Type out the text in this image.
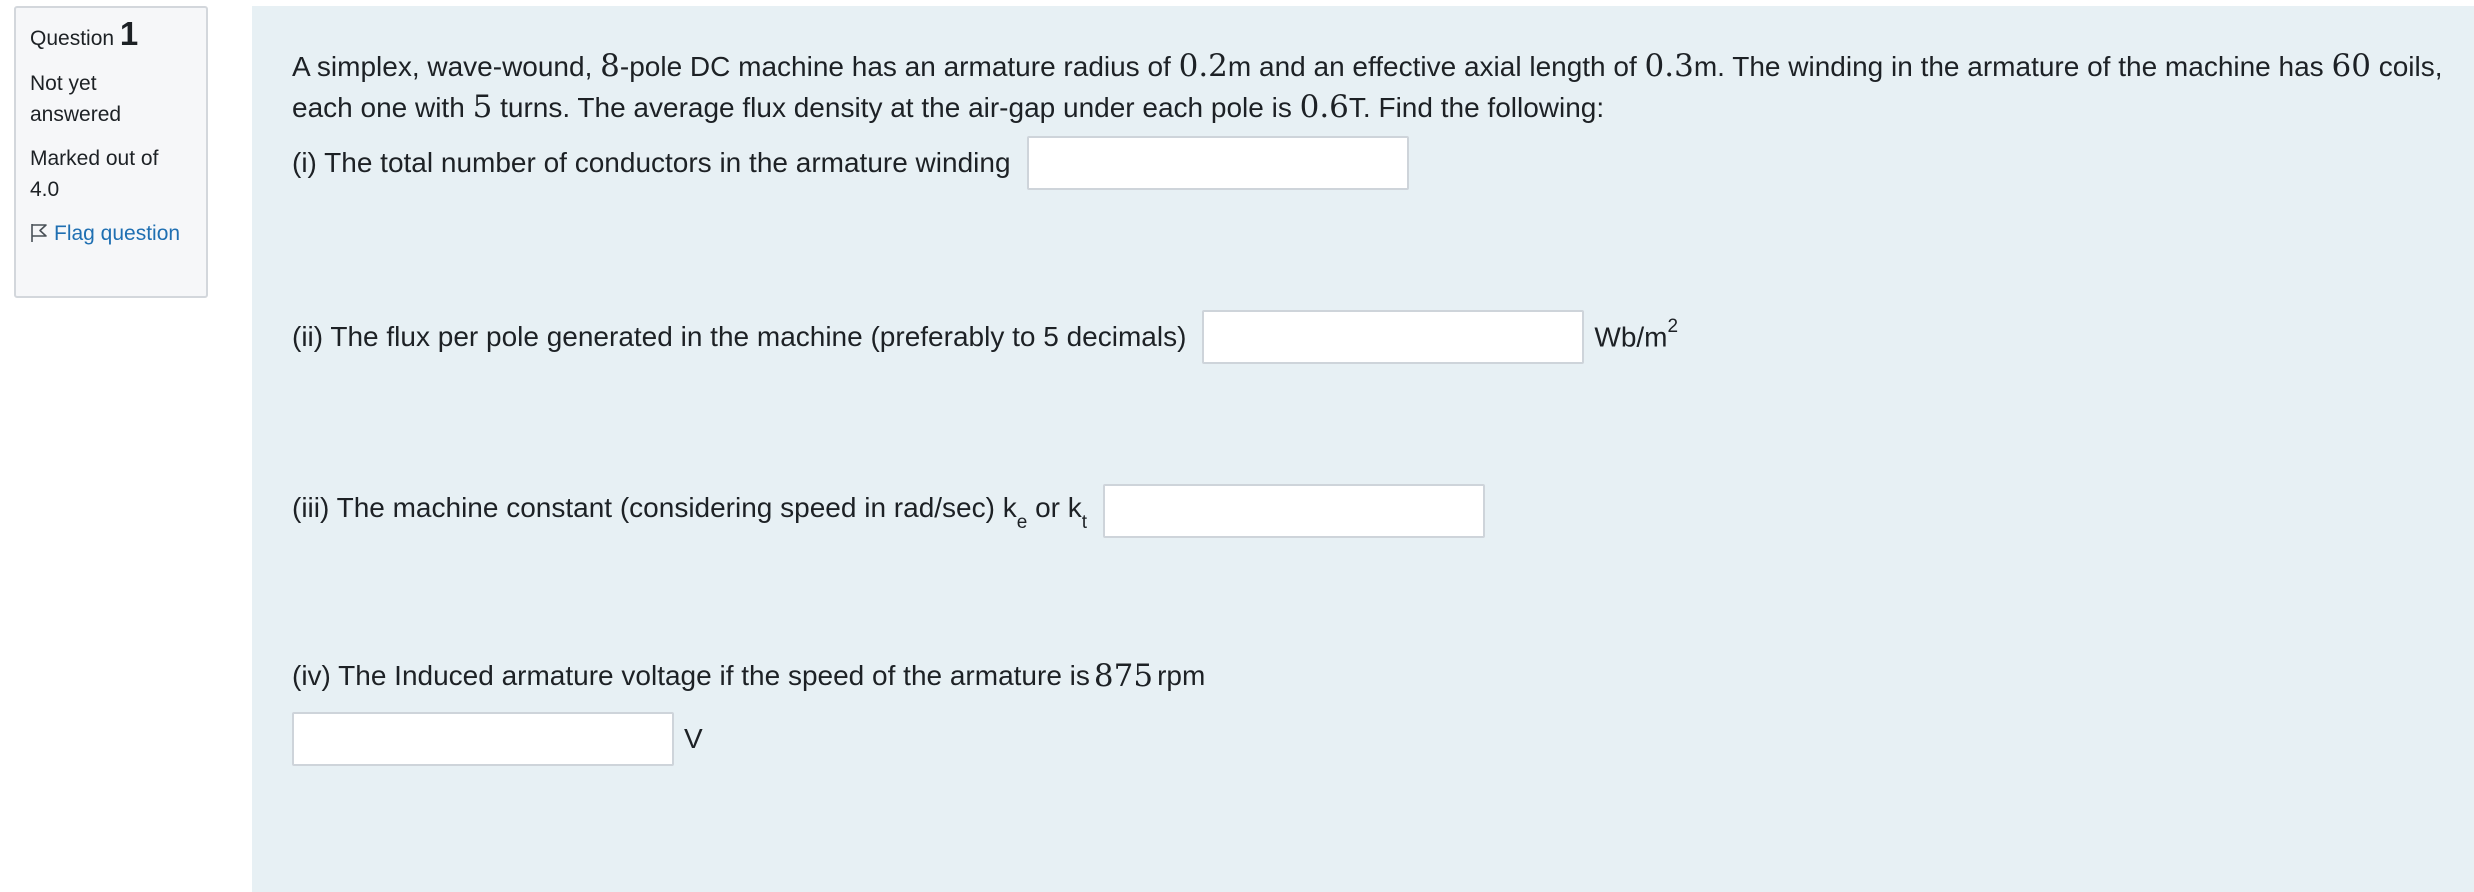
Question 1
Not yet answered
Marked out of 4.0
Flag question

A simplex, wave-wound, 8-pole DC machine has an armature radius of 0.2m and an effective axial length of 0.3m. The winding in the armature of the machine has 60 coils, each one with 5 turns. The average flux density at the air-gap under each pole is 0.6T. Find the following:

(i) The total number of conductors in the armature winding
(ii) The flux per pole generated in the machine (preferably to 5 decimals)	$Wb/m^2$
(iii) The machine constant (considering speed in rad/sec) $k_e$ or $k_t$
(iv) The Induced armature voltage if the speed of the armature is 875 rpm
V
